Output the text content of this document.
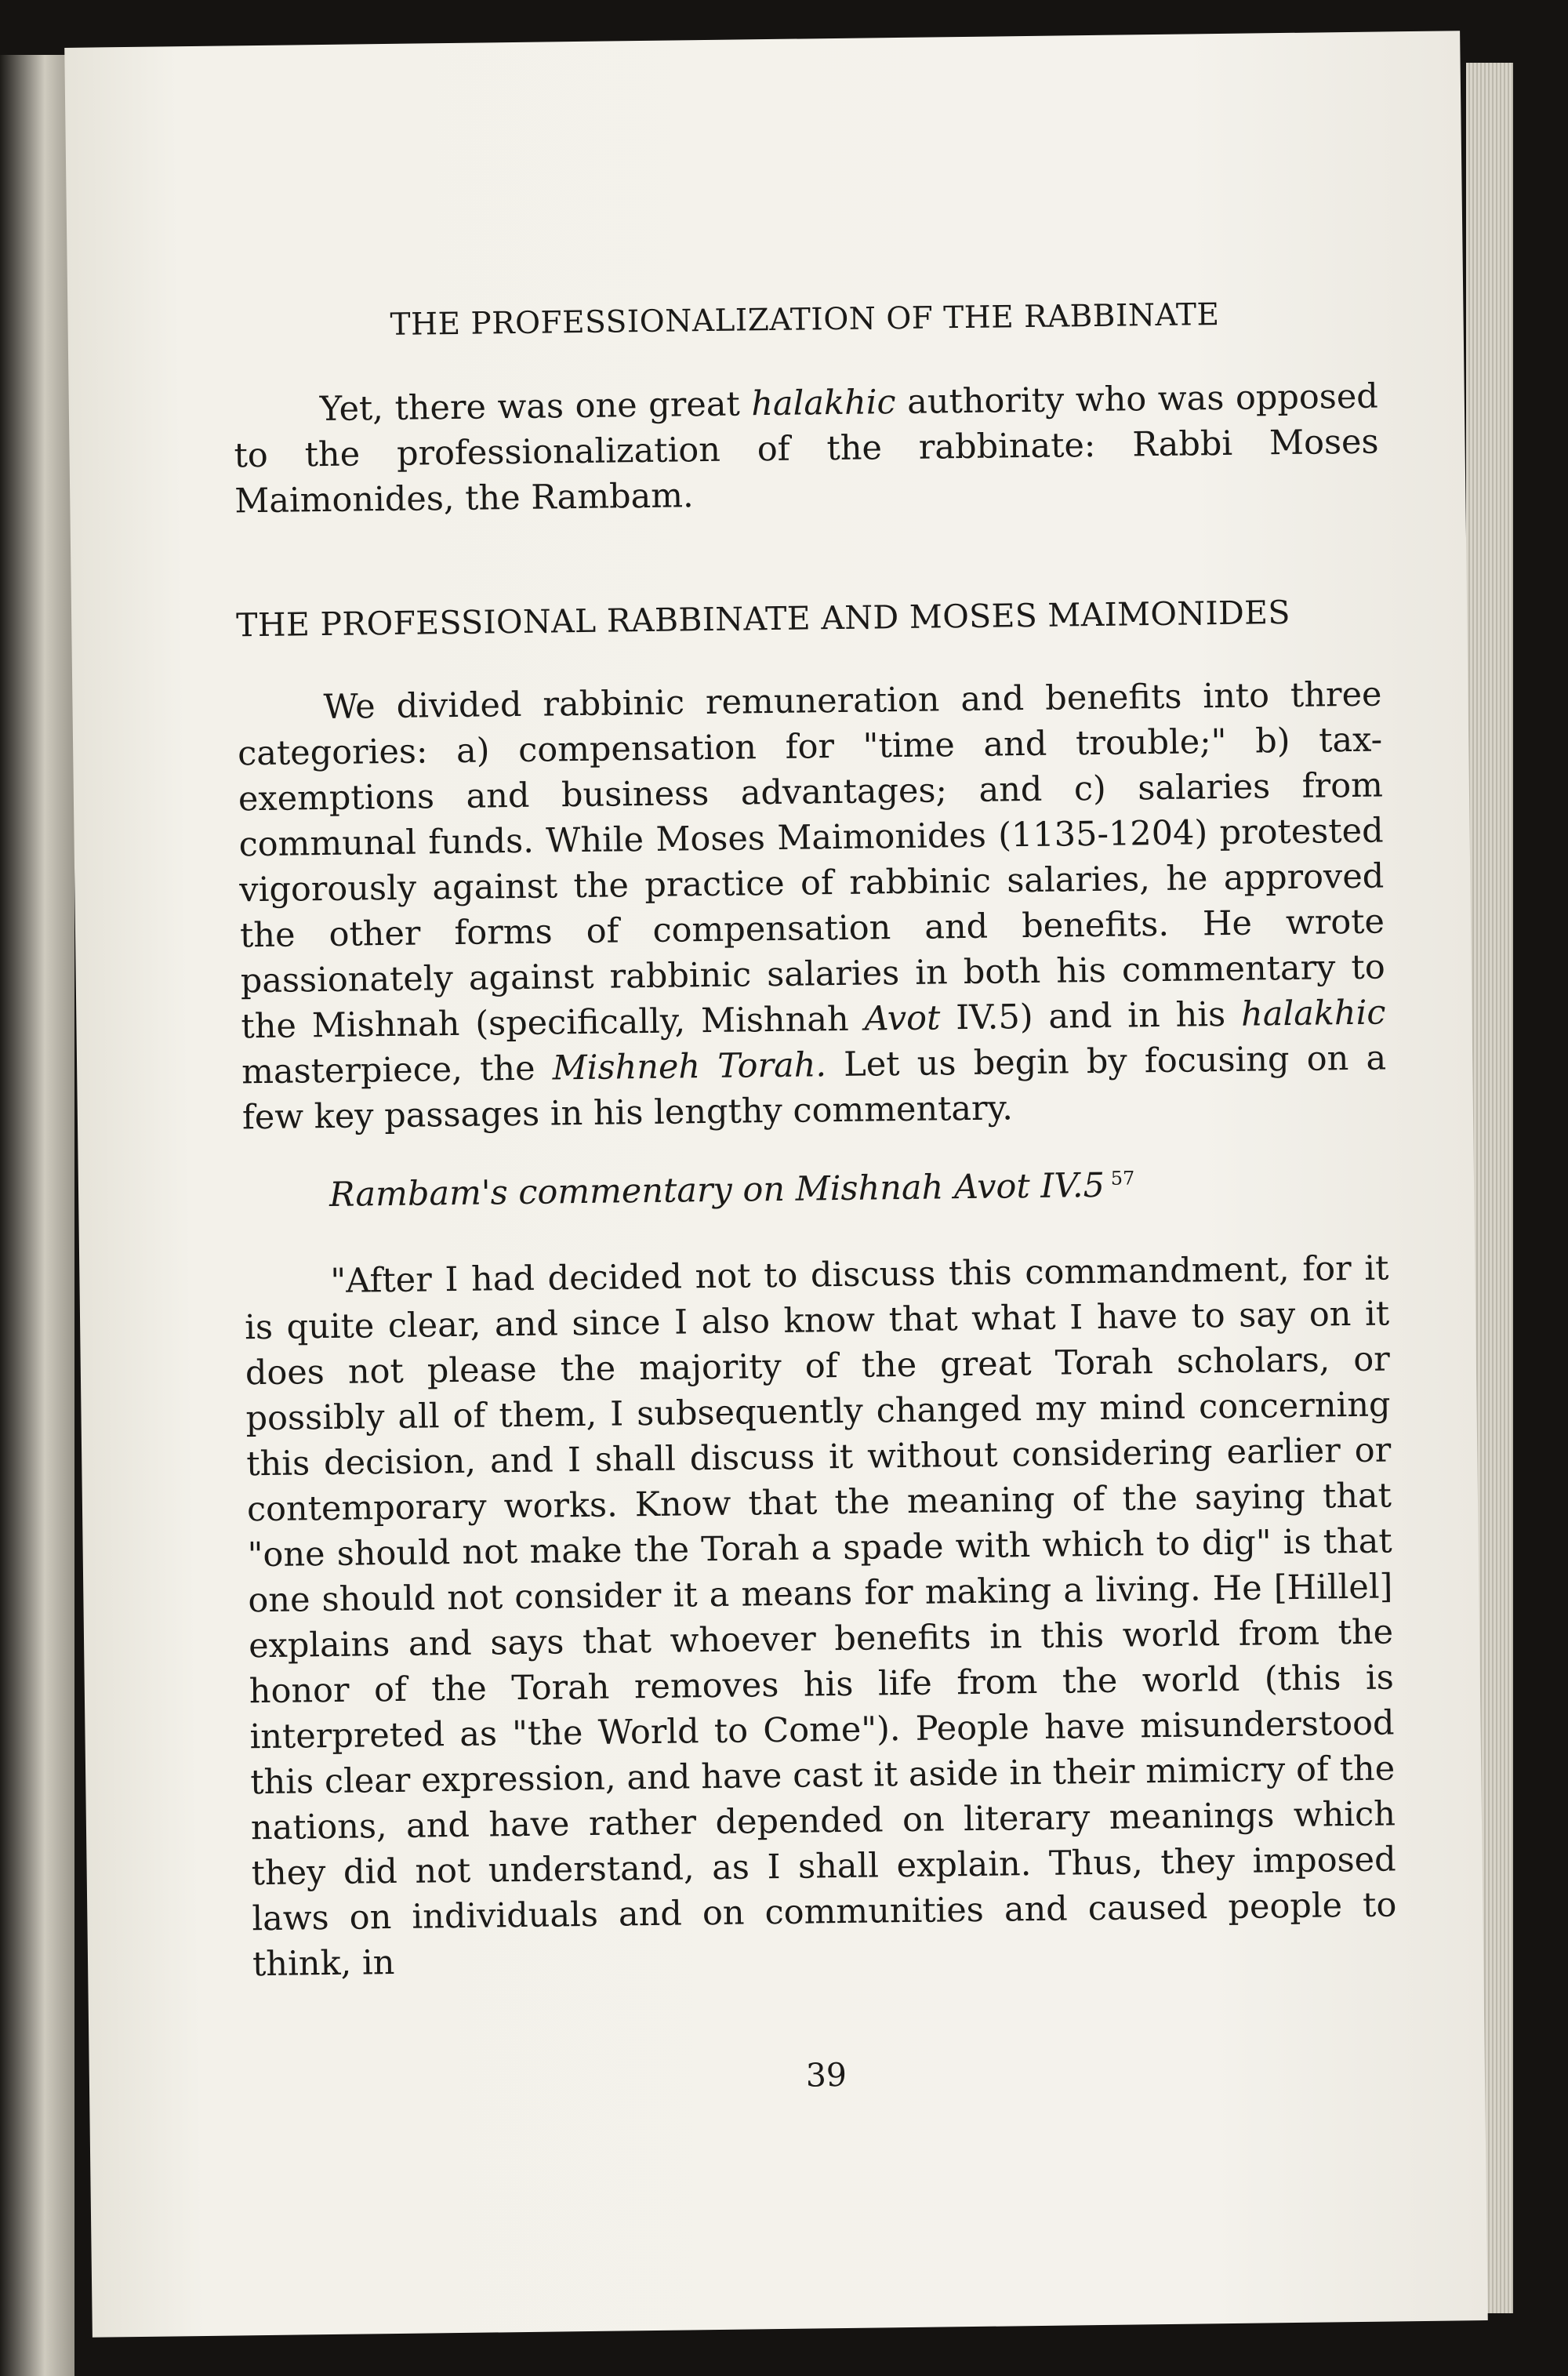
THE PROFESSIONALIZATION OF THE RABBINATE

Yet, there was one great halakhic authority who was opposed to the professionalization of the rabbinate: Rabbi Moses Maimonides, the Rambam.

THE PROFESSIONAL RABBINATE AND MOSES MAIMONIDES

We divided rabbinic remuneration and benefits into three categories: a) compensation for "time and trouble;" b) tax-exemptions and business advantages; and c) salaries from communal funds. While Moses Maimonides (1135-1204) protested vigorously against the practice of rabbinic salaries, he approved the other forms of compensation and benefits. He wrote passionately against rabbinic salaries in both his commentary to the Mishnah (specifically, Mishnah Avot IV.5) and in his halakhic masterpiece, the Mishneh Torah. Let us begin by focusing on a few key passages in his lengthy commentary.

Rambam's commentary on Mishnah Avot IV.5 $^{57}$

"After I had decided not to discuss this commandment, for it is quite clear, and since I also know that what I have to say on it does not please the majority of the great Torah scholars, or possibly all of them, I subsequently changed my mind concerning this decision, and I shall discuss it without considering earlier or contemporary works. Know that the meaning of the saying that "one should not make the Torah a spade with which to dig" is that one should not consider it a means for making a living. He [Hillel] explains and says that whoever benefits in this world from the honor of the Torah removes his life from the world (this is interpreted as "the World to Come"). People have misunderstood this clear expression, and have cast it aside in their mimicry of the nations, and have rather depended on literary meanings which they did not understand, as I shall explain. Thus, they imposed laws on individuals and on communities and caused people to think, in

39
